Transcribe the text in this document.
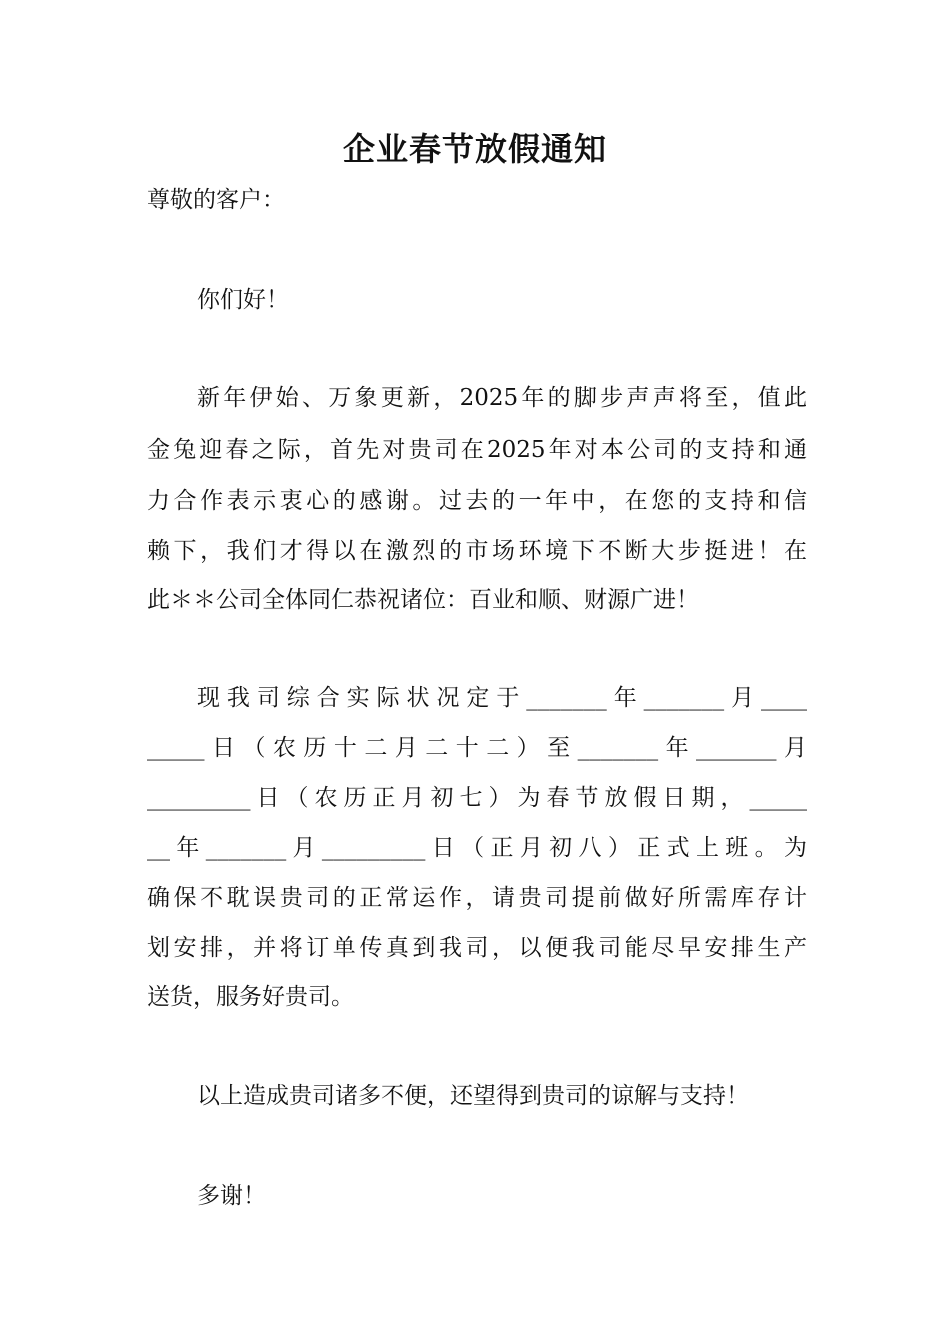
企业春节放假通知
尊敬的客户：
你们好！
新年伊始、万象更新，2025年的脚步声声将至，值此
金兔迎春之际，首先对贵司在2025年对本公司的支持和通
力合作表示衷心的感谢。过去的一年中，在您的支持和信
赖下，我们才得以在激烈的市场环境下不断大步挺进！在
此＊＊公司全体同仁恭祝诸位：百业和顺、财源广进！
现我司综合实际状况定于_______年_______月____
_____日（农历十二月二十二）至_______年_______月
_________日（农历正月初七）为春节放假日期，_____
__年_______月_________日（正月初八）正式上班。为
确保不耽误贵司的正常运作，请贵司提前做好所需库存计
划安排，并将订单传真到我司，以便我司能尽早安排生产
送货，服务好贵司。
以上造成贵司诸多不便，还望得到贵司的谅解与支持！
多谢！
